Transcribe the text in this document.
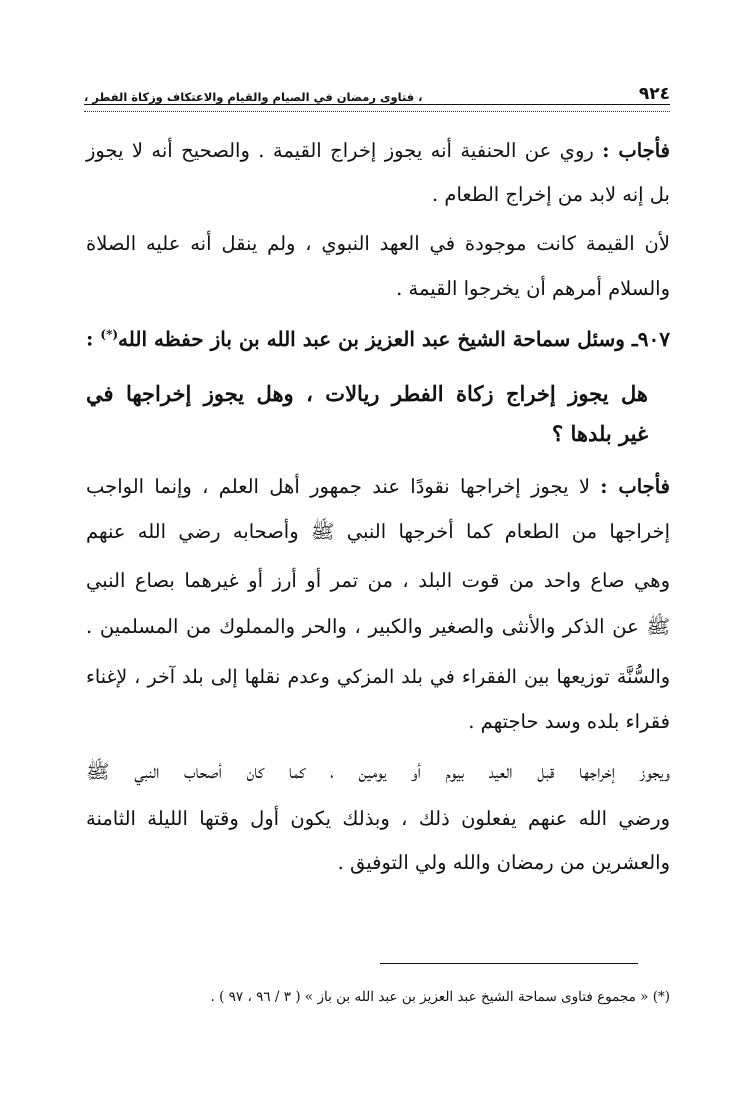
٩٢٤
، فتاوى رمضان في الصيام والقيام والاعتكاف وزكاة الفطر ،
فأجاب : روي عن الحنفية أنه يجوز إخراج القيمة . والصحيح أنه لا يجوز
بل إنه لابد من إخراج الطعام .
لأن القيمة كانت موجودة في العهد النبوي ، ولم ينقل أنه عليه الصلاة
والسلام أمرهم أن يخرجوا القيمة .
٩٠٧ـ وسئل سماحة الشيخ عبد العزيز بن عبد الله بن باز حفظه الله(*) :
هل يجوز إخراج زكاة الفطر ريالات ، وهل يجوز إخراجها في
غير بلدها ؟
فأجاب : لا يجوز إخراجها نقودًا عند جمهور أهل العلم ، وإنما الواجب
إخراجها من الطعام كما أخرجها النبي ﷺ وأصحابه رضي الله عنهم
وهي صاع واحد من قوت البلد ، من تمر أو أرز أو غيرهما بصاع النبي
ﷺ عن الذكر والأنثى والصغير والكبير ، والحر والمملوك من المسلمين .
والسُّنَّة توزيعها بين الفقراء في بلد المزكي وعدم نقلها إلى بلد آخر ، لإغناء
فقراء بلده وسد حاجتهم .
ويجوز إخراجها قبل العيد بيوم أو يومين ، كما كان أصحاب النبي ﷺ
ورضي الله عنهم يفعلون ذلك ، وبذلك يكون أول وقتها الليلة الثامنة
والعشرين من رمضان والله ولي التوفيق .
(*) « مجموع فتاوى سماحة الشيخ عبد العزيز بن عبد الله بن باز » ( ٣ / ٩٦ ، ٩٧ ) .
